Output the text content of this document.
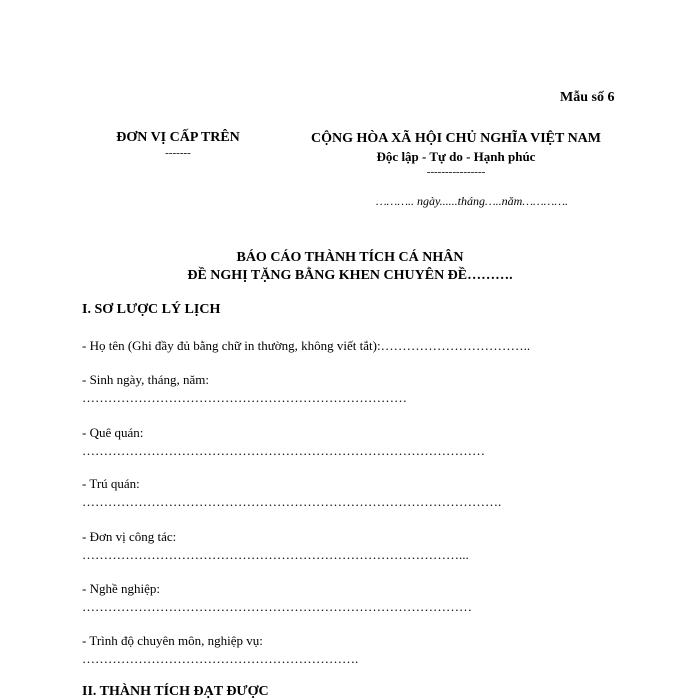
Mẫu số 6
ĐƠN VỊ CẤP TRÊN
-------
CỘNG HÒA XÃ HỘI CHỦ NGHĨA VIỆT NAM
Độc lập - Tự do - Hạnh phúc
----------------
……….. ngày......tháng…..năm………….
BÁO CÁO THÀNH TÍCH CÁ NHÂN
ĐỀ NGHỊ TẶNG BẰNG KHEN CHUYÊN ĐỀ……….
I. SƠ LƯỢC LÝ LỊCH
- Họ tên (Ghi đầy đủ bằng chữ in thường, không viết tắt):……………………………..
- Sinh ngày, tháng, năm:
…………………………………………………………………
- Quê quán:
…………………………………………………………………………………
- Trú quán:
…………………………………………………………………………………….
- Đơn vị công tác:
……………………………………………………………………………...
- Nghề nghiệp:
………………………………………………………………………………
- Trình độ chuyên môn, nghiệp vụ:
……………………………………………………….
II. THÀNH TÍCH ĐẠT ĐƯỢC
